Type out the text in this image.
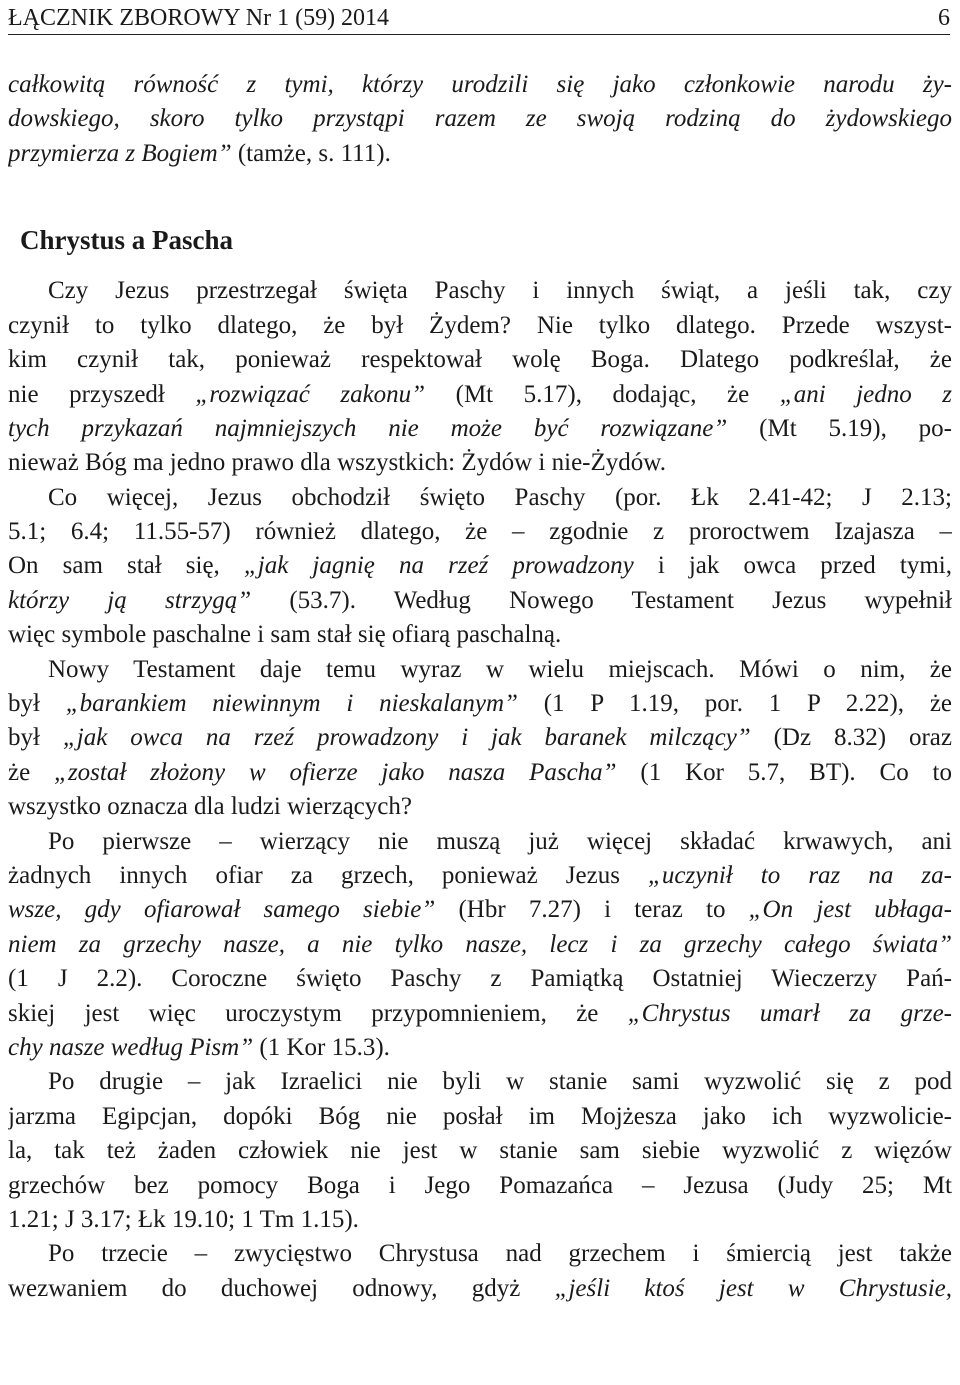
ŁĄCZNIK ZBOROWY Nr 1 (59) 2014	6
całkowitą równość z tymi, którzy urodzili się jako członkowie narodu ży-
dowskiego, skoro tylko przystąpi razem ze swoją rodziną do żydowskiego
przymierza z Bogiem” (tamże, s. 111).
Chrystus a Pascha
Czy Jezus przestrzegał święta Paschy i innych świąt, a jeśli tak, czy
czynił to tylko dlatego, że był Żydem? Nie tylko dlatego. Przede wszyst-
kim czynił tak, ponieważ respektował wolę Boga. Dlatego podkreślał, że
nie przyszedł „rozwiązać zakonu” (Mt 5.17), dodając, że „ani jedno z
tych przykazań najmniejszych nie może być rozwiązane” (Mt 5.19), po-
nieważ Bóg ma jedno prawo dla wszystkich: Żydów i nie-Żydów.
Co więcej, Jezus obchodził święto Paschy (por. Łk 2.41-42; J 2.13;
5.1; 6.4; 11.55-57) również dlatego, że – zgodnie z proroctwem Izajasza –
On sam stał się, „jak jagnię na rzeź prowadzony i jak owca przed tymi,
którzy ją strzygą” (53.7). Według Nowego Testament Jezus wypełnił
więc symbole paschalne i sam stał się ofiarą paschalną.
Nowy Testament daje temu wyraz w wielu miejscach. Mówi o nim, że
był „barankiem niewinnym i nieskalanym” (1 P 1.19, por. 1 P 2.22), że
był „jak owca na rzeź prowadzony i jak baranek milczący” (Dz 8.32) oraz
że „został złożony w ofierze jako nasza Pascha” (1 Kor 5.7, BT). Co to
wszystko oznacza dla ludzi wierzących?
Po pierwsze – wierzący nie muszą już więcej składać krwawych, ani
żadnych innych ofiar za grzech, ponieważ Jezus „uczynił to raz na za-
wsze, gdy ofiarował samego siebie” (Hbr 7.27) i teraz to „On jest ubłaga-
niem za grzechy nasze, a nie tylko nasze, lecz i za grzechy całego świata”
(1 J 2.2). Coroczne święto Paschy z Pamiątką Ostatniej Wieczerzy Pań-
skiej jest więc uroczystym przypomnieniem, że „Chrystus umarł za grze-
chy nasze według Pism” (1 Kor 15.3).
Po drugie – jak Izraelici nie byli w stanie sami wyzwolić się z pod
jarzma Egipcjan, dopóki Bóg nie posłał im Mojżesza jako ich wyzwolicie-
la, tak też żaden człowiek nie jest w stanie sam siebie wyzwolić z więzów
grzechów bez pomocy Boga i Jego Pomazańca – Jezusa (Judy 25; Mt
1.21; J 3.17; Łk 19.10; 1 Tm 1.15).
Po trzecie – zwycięstwo Chrystusa nad grzechem i śmiercią jest także
wezwaniem do duchowej odnowy, gdyż „jeśli ktoś jest w Chrystusie,
